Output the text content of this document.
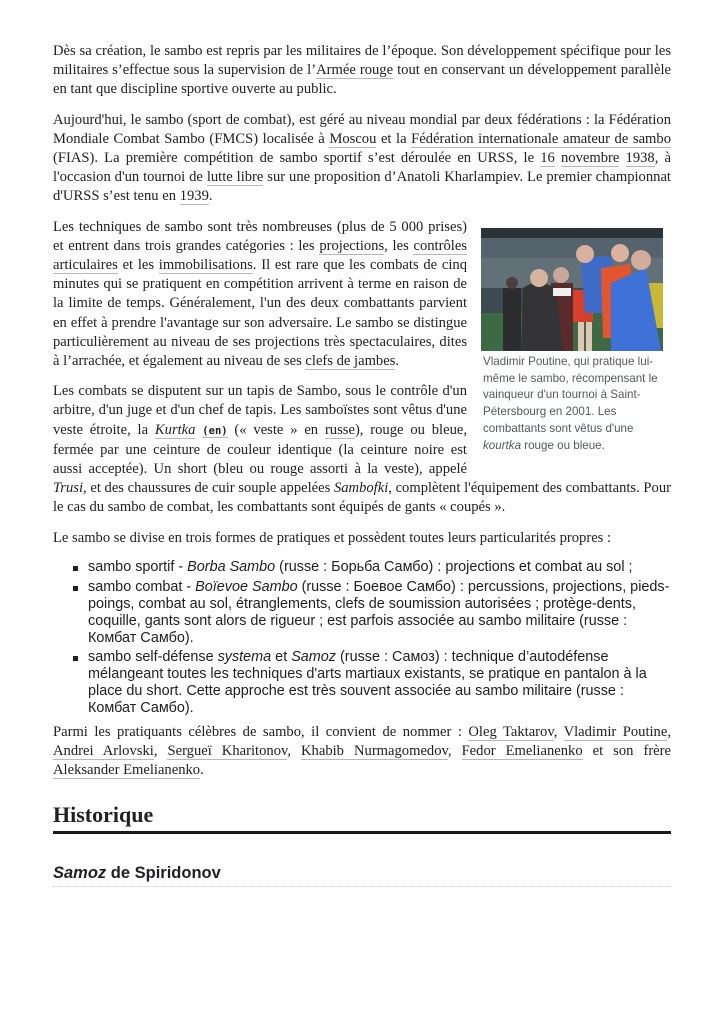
Dès sa création, le sambo est repris par les militaires de l’époque. Son développement spécifique pour les militaires s’effectue sous la supervision de l’Armée rouge tout en conservant un développement parallèle en tant que discipline sportive ouverte au public.

Aujourd'hui, le sambo (sport de combat), est géré au niveau mondial par deux fédérations : la Fédération Mondiale Combat Sambo (FMCS) localisée à Moscou et la Fédération internationale amateur de sambo (FIAS). La première compétition de sambo sportif s’est déroulée en URSS, le 16 novembre 1938, à l'occasion d'un tournoi de lutte libre sur une proposition d’Anatoli Kharlampiev. Le premier championnat d'URSS s’est tenu en 1939.

Vladimir Poutine, qui pratique lui-même le sambo, récompensant le vainqueur d'un tournoi à Saint-Pétersbourg en 2001. Les combattants sont vêtus d'une kourtka rouge ou bleue.

Les techniques de sambo sont très nombreuses (plus de 5 000 prises) et entrent dans trois grandes catégories : les projections, les contrôles articulaires et les immobilisations. Il est rare que les combats de cinq minutes qui se pratiquent en compétition arrivent à terme en raison de la limite de temps. Généralement, l'un des deux combattants parvient en effet à prendre l'avantage sur son adversaire. Le sambo se distingue particulièrement au niveau de ses projections très spectaculaires, dites à l’arrachée, et également au niveau de ses clefs de jambes.

Les combats se disputent sur un tapis de Sambo, sous le contrôle d'un arbitre, d'un juge et d'un chef de tapis. Les samboïstes sont vêtus d'une veste étroite, la Kurtka (en) (« veste » en russe), rouge ou bleue, fermée par une ceinture de couleur identique (la ceinture noire est aussi acceptée). Un short (bleu ou rouge assorti à la veste), appelé Trusi, et des chaussures de cuir souple appelées Sambofki, complètent l'équipement des combattants. Pour le cas du sambo de combat, les combattants sont équipés de gants « coupés ».

Le sambo se divise en trois formes de pratiques et possèdent toutes leurs particularités propres :

sambo sportif - Borba Sambo (russe : Борьба Самбо) : projections et combat au sol ;
sambo combat - Boïevoe Sambo (russe : Боевое Самбо) : percussions, projections, pieds-poings, combat au sol, étranglements, clefs de soumission autorisées ; protège-dents, coquille, gants sont alors de rigueur ; est parfois associée au sambo militaire (russe : Комбат Самбо).
sambo self-défense systema et Samoz (russe : Самоз) : technique d’autodéfense mélangeant toutes les techniques d'arts martiaux existants, se pratique en pantalon à la place du short. Cette approche est très souvent associée au sambo militaire (russe : Комбат Самбо).

Parmi les pratiquants célèbres de sambo, il convient de nommer : Oleg Taktarov, Vladimir Poutine, Andrei Arlovski, Sergueï Kharitonov, Khabib Nurmagomedov, Fedor Emelianenko et son frère Aleksander Emelianenko.

Historique
Samoz de Spiridonov
